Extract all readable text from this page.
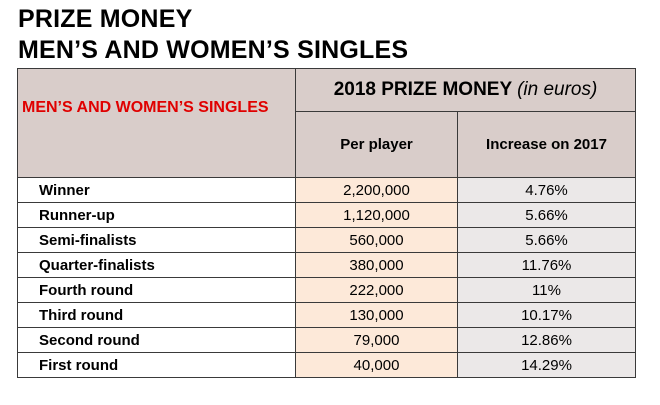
PRIZE MONEY
MEN’S AND WOMEN’S SINGLES
MEN’S AND WOMEN’S SINGLES	2018 PRIZE MONEY (in euros)	
	Per player	Increase on 2017
Winner	2,200,000	4.76%
Runner-up	1,120,000	5.66%
Semi-finalists	560,000	5.66%
Quarter-finalists	380,000	11.76%
Fourth round	222,000	11%
Third round	130,000	10.17%
Second round	79,000	12.86%
First round	40,000	14.29%
